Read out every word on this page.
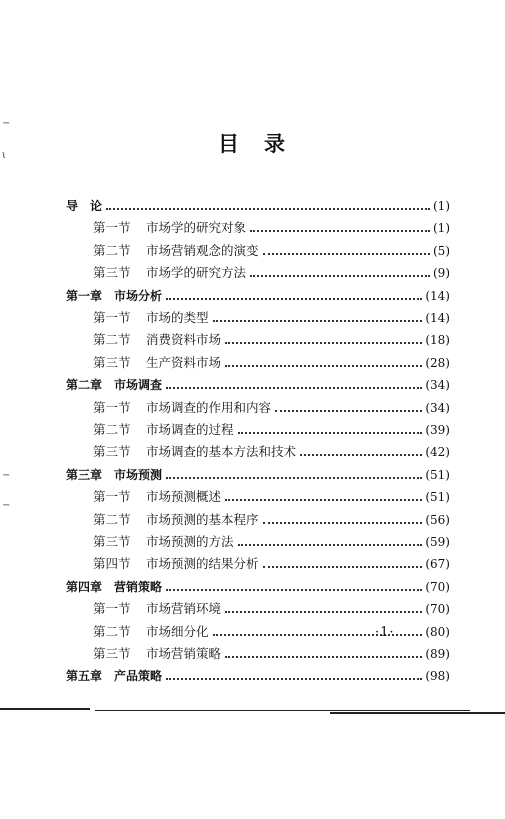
目　录
导　论	(1)
第一节 市场学的研究对象	(1)
第二节 市场营销观念的演变	(5)
第三节 市场学的研究方法	(9)
第一章　市场分析	(14)
第一节 市场的类型	(14)
第二节 消费资料市场	(18)
第三节 生产资料市场	(28)
第二章　市场调查	(34)
第一节 市场调查的作用和内容	(34)
第二节 市场调查的过程	(39)
第三节 市场调查的基本方法和技术	(42)
第三章　市场预测	(51)
第一节 市场预测概述	(51)
第二节 市场预测的基本程序	(56)
第三节 市场预测的方法	(59)
第四节 市场预测的结果分析	(67)
第四章　营销策略	(70)
第一节 市场营销环境	(70)
第二节 市场细分化	(80)
第三节 市场营销策略	(89)
第五章　产品策略	(98)
·1·
−
ι
−
−
